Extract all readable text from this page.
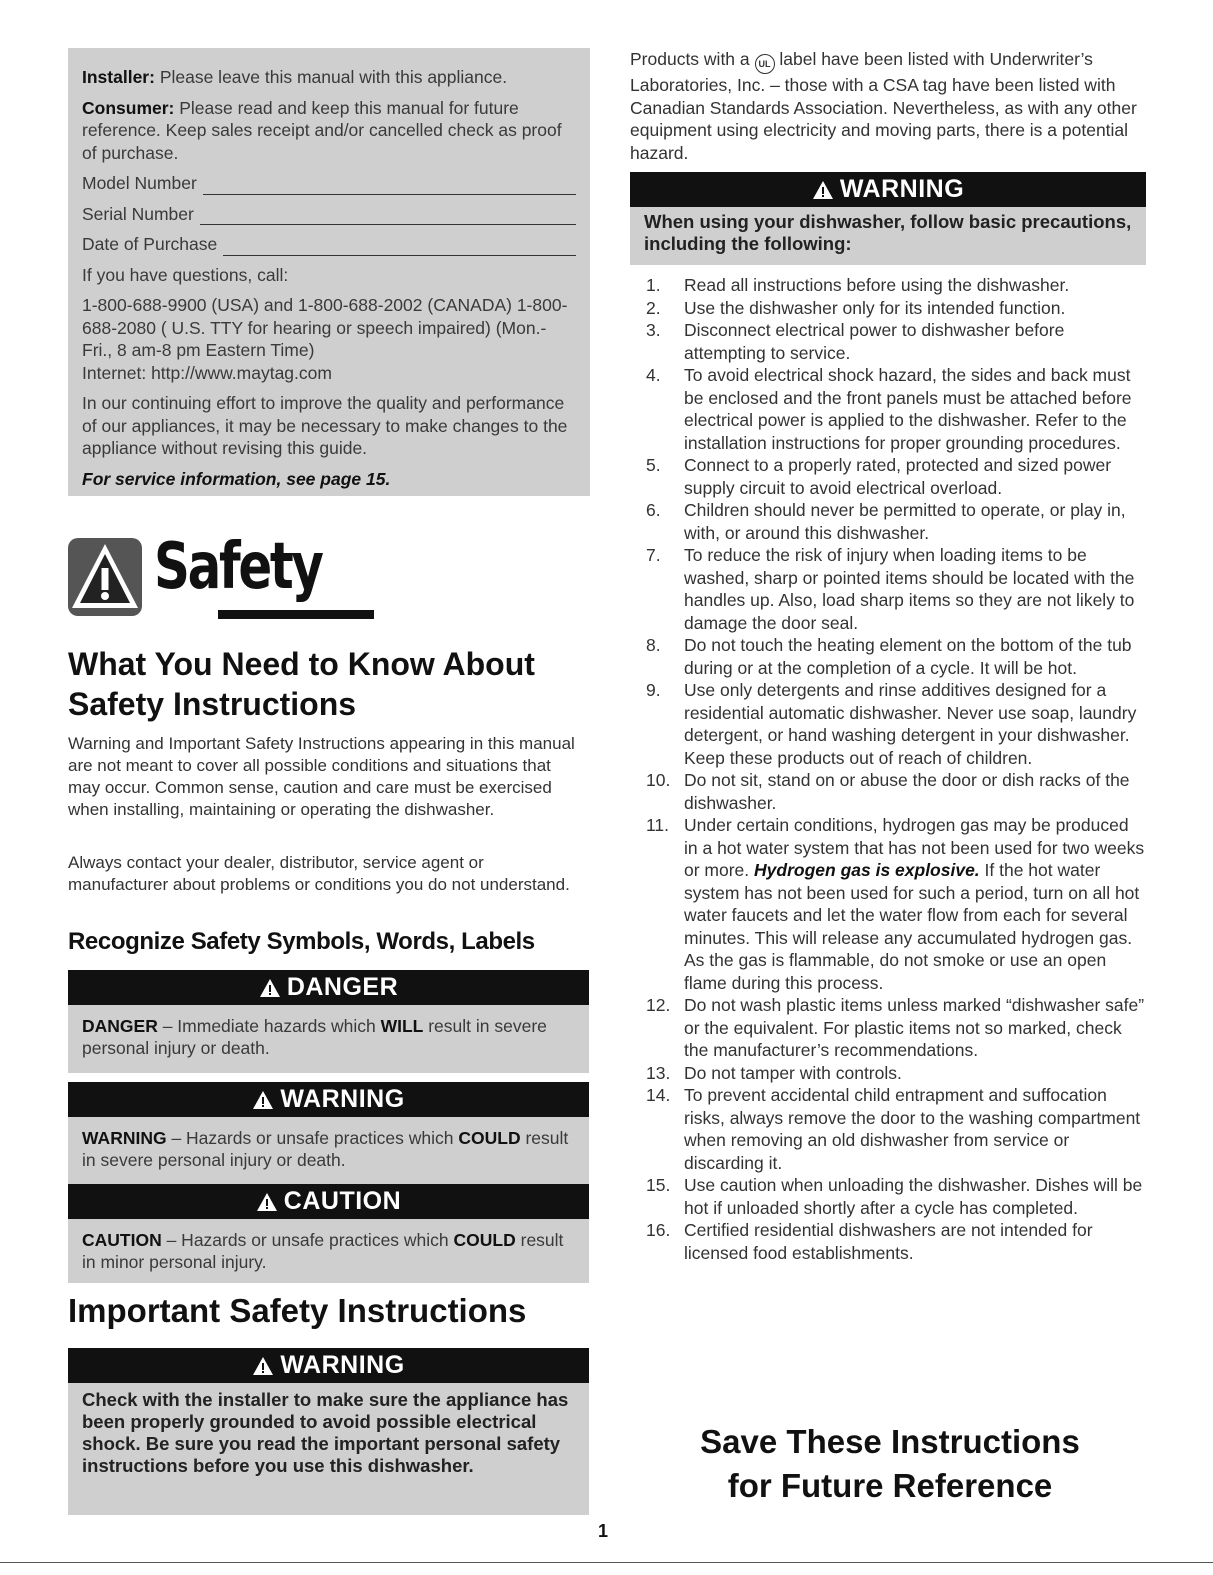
Installer: Please leave this manual with this appliance.

Consumer: Please read and keep this manual for future reference. Keep sales receipt and/or cancelled check as proof of purchase.

Model Number
Serial Number
Date of Purchase

If you have questions, call:

1-800-688-9900 (USA) and 1-800-688-2002 (CANADA) 1-800-688-2080 ( U.S. TTY for hearing or speech impaired) (Mon.-Fri., 8 am-8 pm Eastern Time)

Internet: http://www.maytag.com

In our continuing effort to improve the quality and performance of our appliances, it may be necessary to make changes to the appliance without revising this guide.

For service information, see page 15.

Safety
What You Need to Know About Safety Instructions

Warning and Important Safety Instructions appearing in this manual are not meant to cover all possible conditions and situations that may occur. Common sense, caution and care must be exercised when installing, maintaining or operating the dishwasher.

Always contact your dealer, distributor, service agent or manufacturer about problems or conditions you do not understand.

Recognize Safety Symbols, Words, Labels
DANGER
DANGER – Immediate hazards which WILL result in severe personal injury or death.
WARNING
WARNING – Hazards or unsafe practices which COULD result in severe personal injury or death.
CAUTION
CAUTION – Hazards or unsafe practices which COULD result in minor personal injury.
Important Safety Instructions
WARNING
Check with the installer to make sure the appliance has been properly grounded to avoid possible electrical shock. Be sure you read the important personal safety instructions before you use this dishwasher.
Products with a UL label have been listed with Underwriter’s Laboratories, Inc. – those with a CSA tag have been listed with Canadian Standards Association. Nevertheless, as with any other equipment using electricity and moving parts, there is a potential hazard.
WARNING
When using your dishwasher, follow basic precautions, including the following:
1.	Read all instructions before using the dishwasher.
2.	Use the dishwasher only for its intended function.
3.	Disconnect electrical power to dishwasher before attempting to service.
4.	To avoid electrical shock hazard, the sides and back must be enclosed and the front panels must be attached before electrical power is applied to the dishwasher. Refer to the installation instructions for proper grounding procedures.
5.	Connect to a properly rated, protected and sized power supply circuit to avoid electrical overload.
6.	Children should never be permitted to operate, or play in, with, or around this dishwasher.
7.	To reduce the risk of injury when loading items to be washed, sharp or pointed items should be located with the handles up. Also, load sharp items so they are not likely to damage the door seal.
8.	Do not touch the heating element on the bottom of the tub during or at the completion of a cycle. It will be hot.
9.	Use only detergents and rinse additives designed for a residential automatic dishwasher. Never use soap, laundry detergent, or hand washing detergent in your dishwasher. Keep these products out of reach of children.
10. Do not sit, stand on or abuse the door or dish racks of the dishwasher.
11. Under certain conditions, hydrogen gas may be produced in a hot water system that has not been used for two weeks or more. Hydrogen gas is explosive. If the hot water system has not been used for such a period, turn on all hot water faucets and let the water flow from each for several minutes. This will release any accumulated hydrogen gas. As the gas is flammable, do not smoke or use an open flame during this process.
12. Do not wash plastic items unless marked “dishwasher safe” or the equivalent. For plastic items not so marked, check the manufacturer’s recommendations.
13. Do not tamper with controls.
14. To prevent accidental child entrapment and suffocation risks, always remove the door to the washing compartment when removing an old dishwasher from service or discarding it.
15. Use caution when unloading the dishwasher. Dishes will be hot if unloaded shortly after a cycle has completed.
16. Certified residential dishwashers are not intended for licensed food establishments.
Save These Instructions
for Future Reference
1
